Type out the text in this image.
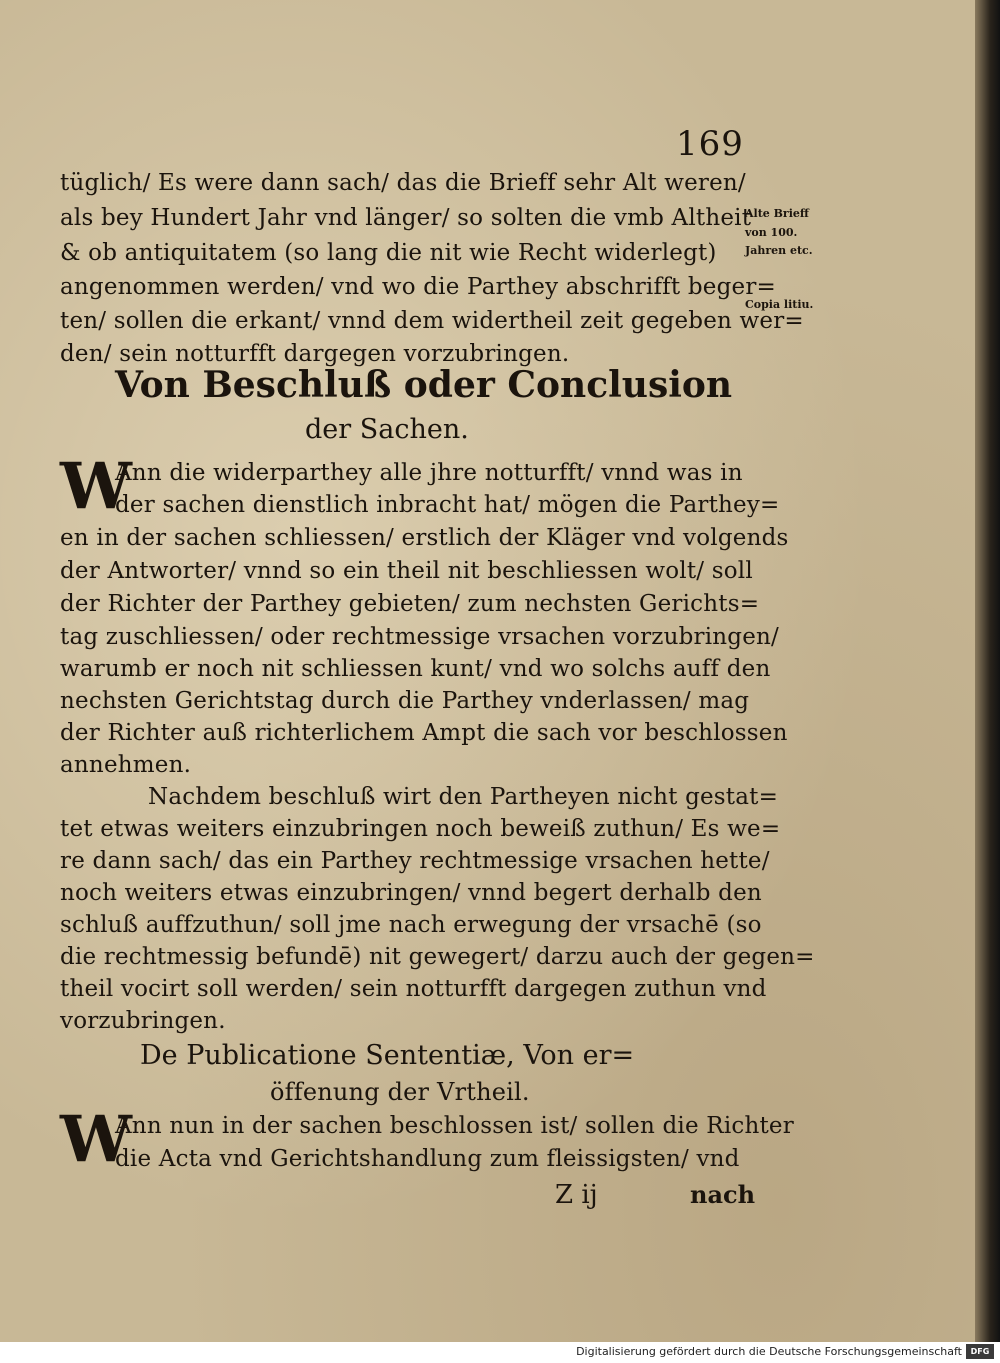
169
tüglich/ Es were dann sach/ das die Brieff sehr Alt weren/
als bey Hundert Jahr vnd länger/ so solten die vmb Altheit
& ob antiquitatem (so lang die nit wie Recht widerlegt)
angenommen werden/ vnd wo die Parthey abschrifft beger=
ten/ sollen die erkant/ vnnd dem widertheil zeit gegeben wer=
den/ sein notturfft dargegen vorzubringen.
Alte Brieff
von 100.
Jahren etc.
Copia litiu.
Von Beschluß oder Conclusion
der Sachen.
W
Ann die widerparthey alle jhre notturfft/ vnnd was in
der sachen dienstlich inbracht hat/ mögen die Parthey=
en in der sachen schliessen/ erstlich der Kläger vnd volgends
der Antworter/ vnnd so ein theil nit beschliessen wolt/ soll
der Richter der Parthey gebieten/ zum nechsten Gerichts=
tag zuschliessen/ oder rechtmessige vrsachen vorzubringen/
warumb er noch nit schliessen kunt/ vnd wo solchs auff den
nechsten Gerichtstag durch die Parthey vnderlassen/ mag
der Richter auß richterlichem Ampt die sach vor beschlossen
annehmen.
Nachdem beschluß wirt den Partheyen nicht gestat=
tet etwas weiters einzubringen noch beweiß zuthun/ Es we=
re dann sach/ das ein Parthey rechtmessige vrsachen hette/
noch weiters etwas einzubringen/ vnnd begert derhalb den
schluß auffzuthun/ soll jme nach erwegung der vrsachē (so
die rechtmessig befundē) nit gewegert/ darzu auch der gegen=
theil vocirt soll werden/ sein notturfft dargegen zuthun vnd
vorzubringen.
De Publicatione Sententiæ, Von er=
öffenung der Vrtheil.
W
Ann nun in der sachen beschlossen ist/ sollen die Richter
die Acta vnd Gerichtshandlung zum fleissigsten/ vnd
Z ij	nach
Digitalisierung gefördert durch die Deutsche Forschungsgemeinschaft	DFG
